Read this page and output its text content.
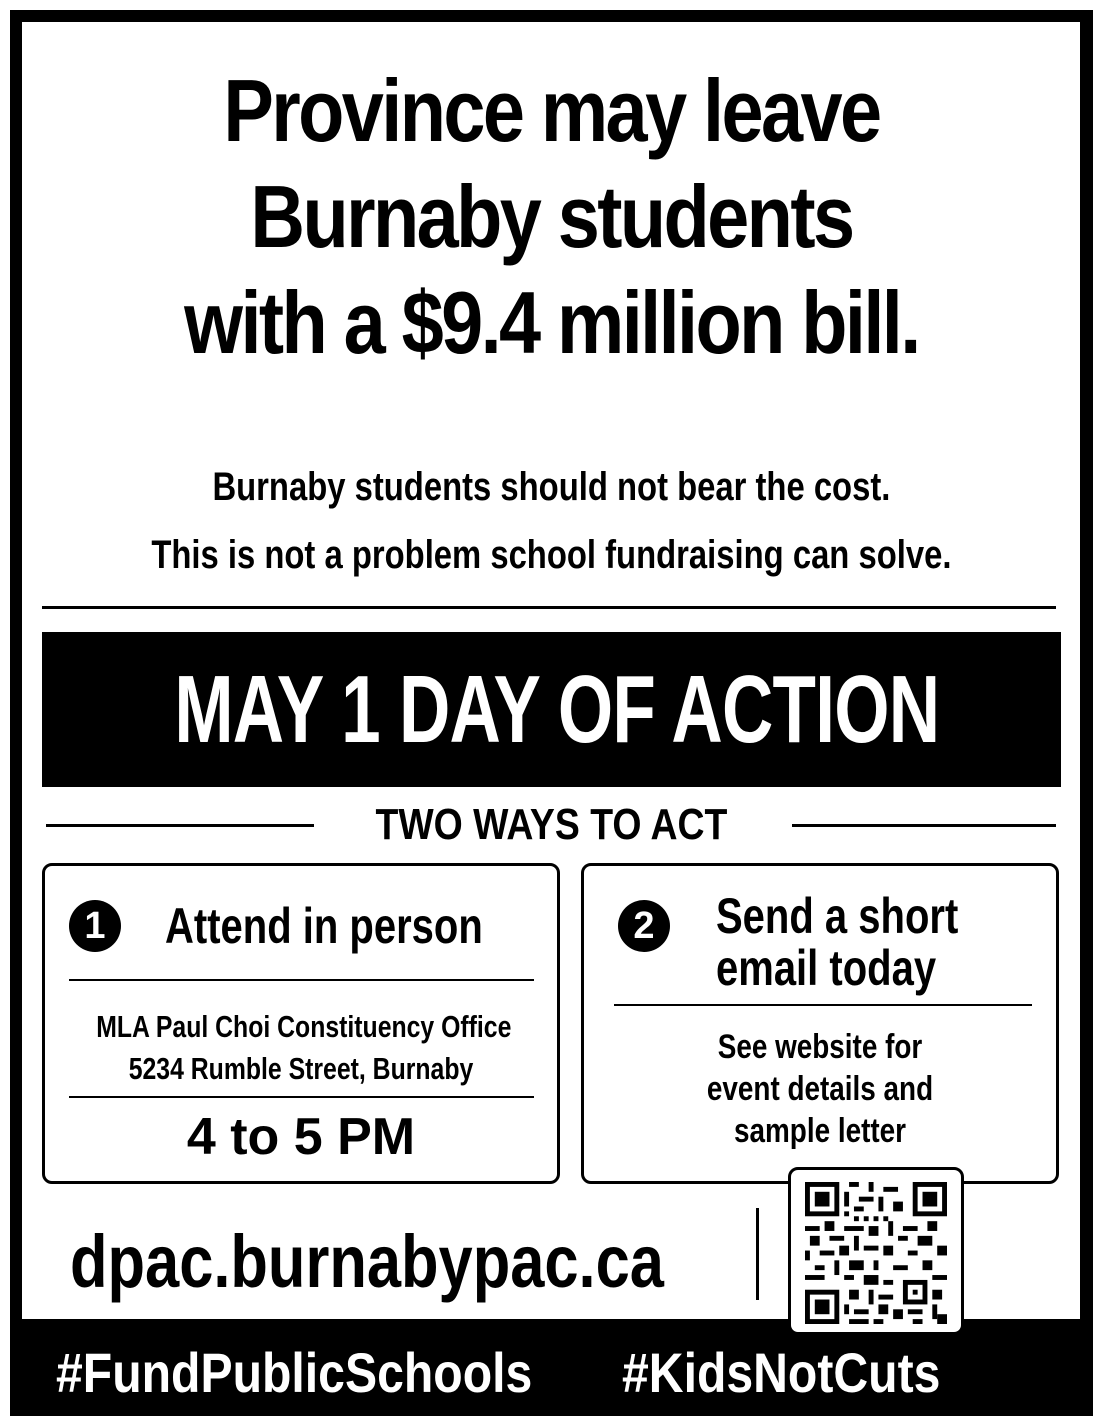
Province may leave
Burnaby students
with a $9.4 million bill.
Burnaby students should not bear the cost.
This is not a problem school fundraising can solve.
MAY 1 DAY OF ACTION
TWO WAYS TO ACT
1	Attend in person
MLA Paul Choi Constituency Office
5234 Rumble Street, Burnaby
4 to 5 PM
2	Send a short
email today
See website for
event details and
sample letter
dpac.burnabypac.ca
#FundPublicSchools #KidsNotCuts
